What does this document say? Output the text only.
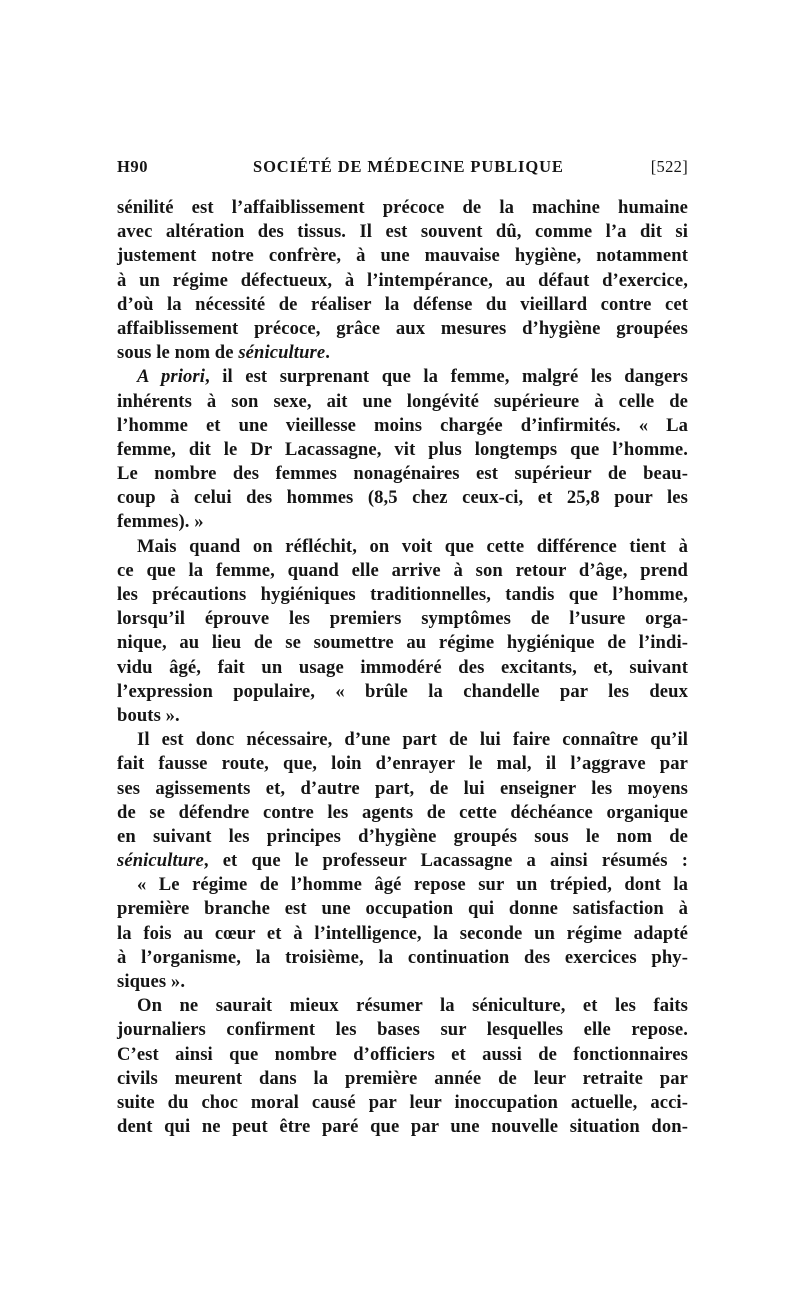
H90	SOCIÉTÉ DE MÉDECINE PUBLIQUE	[522]
sénilité est l’affaiblissement précoce de la machine humaine
avec altération des tissus. Il est souvent dû, comme l’a dit si
justement notre confrère, à une mauvaise hygiène, notamment
à un régime défectueux, à l’intempérance, au défaut d’exercice,
d’où la nécessité de réaliser la défense du vieillard contre cet
affaiblissement précoce, grâce aux mesures d’hygiène groupées
sous le nom de séniculture.
A priori, il est surprenant que la femme, malgré les dangers
inhérents à son sexe, ait une longévité supérieure à celle de
l’homme et une vieillesse moins chargée d’infirmités. « La
femme, dit le Dr Lacassagne, vit plus longtemps que l’homme.
Le nombre des femmes nonagénaires est supérieur de beau-
coup à celui des hommes (8,5 chez ceux-ci, et 25,8 pour les
femmes). »
Mais quand on réfléchit, on voit que cette différence tient à
ce que la femme, quand elle arrive à son retour d’âge, prend
les précautions hygiéniques traditionnelles, tandis que l’homme,
lorsqu’il éprouve les premiers symptômes de l’usure orga-
nique, au lieu de se soumettre au régime hygiénique de l’indi-
vidu âgé, fait un usage immodéré des excitants, et, suivant
l’expression populaire, « brûle la chandelle par les deux
bouts ».
Il est donc nécessaire, d’une part de lui faire connaître qu’il
fait fausse route, que, loin d’enrayer le mal, il l’aggrave par
ses agissements et, d’autre part, de lui enseigner les moyens
de se défendre contre les agents de cette déchéance organique
en suivant les principes d’hygiène groupés sous le nom de
séniculture, et que le professeur Lacassagne a ainsi résumés :
« Le régime de l’homme âgé repose sur un trépied, dont la
première branche est une occupation qui donne satisfaction à
la fois au cœur et à l’intelligence, la seconde un régime adapté
à l’organisme, la troisième, la continuation des exercices phy-
siques ».
On ne saurait mieux résumer la séniculture, et les faits
journaliers confirment les bases sur lesquelles elle repose.
C’est ainsi que nombre d’officiers et aussi de fonctionnaires
civils meurent dans la première année de leur retraite par
suite du choc moral causé par leur inoccupation actuelle, acci-
dent qui ne peut être paré que par une nouvelle situation don-
